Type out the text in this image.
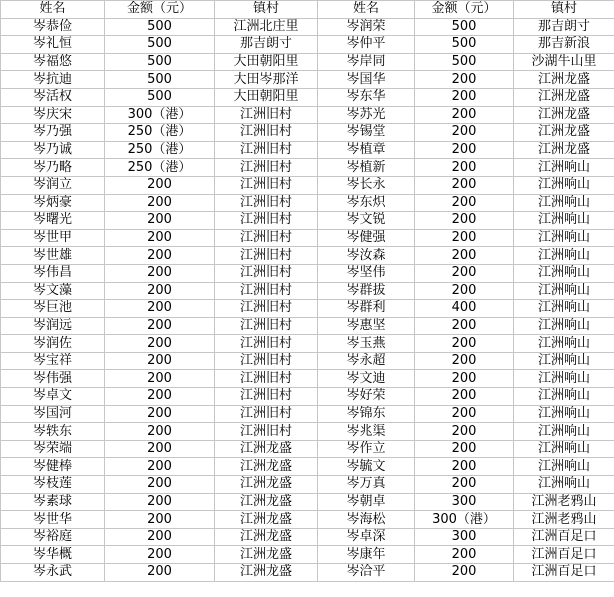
姓名	金额（元）	镇村	姓名	金额（元）	镇村
岑恭俭	500	江洲北庄里	岑润荣	500	那吉朗寸
岑礼恒	500	那吉朗寸	岑仲平	500	那吉新浪
岑福悠	500	大田朝阳里	岑岸同	500	沙湖牛山里
岑抗迪	500	大田岑那洋	岑国华	200	江洲龙盛
岑活权	500	大田朝阳里	岑东华	200	江洲龙盛
岑庆宋	300（港）	江洲旧村	岑苏光	200	江洲龙盛
岑乃强	250（港）	江洲旧村	岑锡堂	200	江洲龙盛
岑乃诚	250（港）	江洲旧村	岑植章	200	江洲龙盛
岑乃略	250（港）	江洲旧村	岑植新	200	江洲响山
岑润立	200	江洲旧村	岑长永	200	江洲响山
岑炳豪	200	江洲旧村	岑东炽	200	江洲响山
岑曙光	200	江洲旧村	岑文锐	200	江洲响山
岑世甲	200	江洲旧村	岑健强	200	江洲响山
岑世雄	200	江洲旧村	岑汝森	200	江洲响山
岑伟昌	200	江洲旧村	岑坚伟	200	江洲响山
岑文藻	200	江洲旧村	岑群拔	200	江洲响山
岑巨池	200	江洲旧村	岑群利	400	江洲响山
岑润远	200	江洲旧村	岑惠坚	200	江洲响山
岑润佐	200	江洲旧村	岑玉燕	200	江洲响山
岑宝祥	200	江洲旧村	岑永超	200	江洲响山
岑伟强	200	江洲旧村	岑文迪	200	江洲响山
岑卓文	200	江洲旧村	岑好荣	200	江洲响山
岑国河	200	江洲旧村	岑锦东	200	江洲响山
岑轶东	200	江洲旧村	岑兆渠	200	江洲响山
岑荣端	200	江洲龙盛	岑作立	200	江洲响山
岑健棒	200	江洲龙盛	岑毓文	200	江洲响山
岑枝莲	200	江洲龙盛	岑万真	200	江洲响山
岑素球	200	江洲龙盛	岑朝卓	300	江洲老鸦山
岑世华	200	江洲龙盛	岑海松	300（港）	江洲老鸦山
岑裕庭	200	江洲龙盛	岑卓深	300	江洲百足口
岑华概	200	江洲龙盛	岑康年	200	江洲百足口
岑永武	200	江洲龙盛	岑洽平	200	江洲百足口
